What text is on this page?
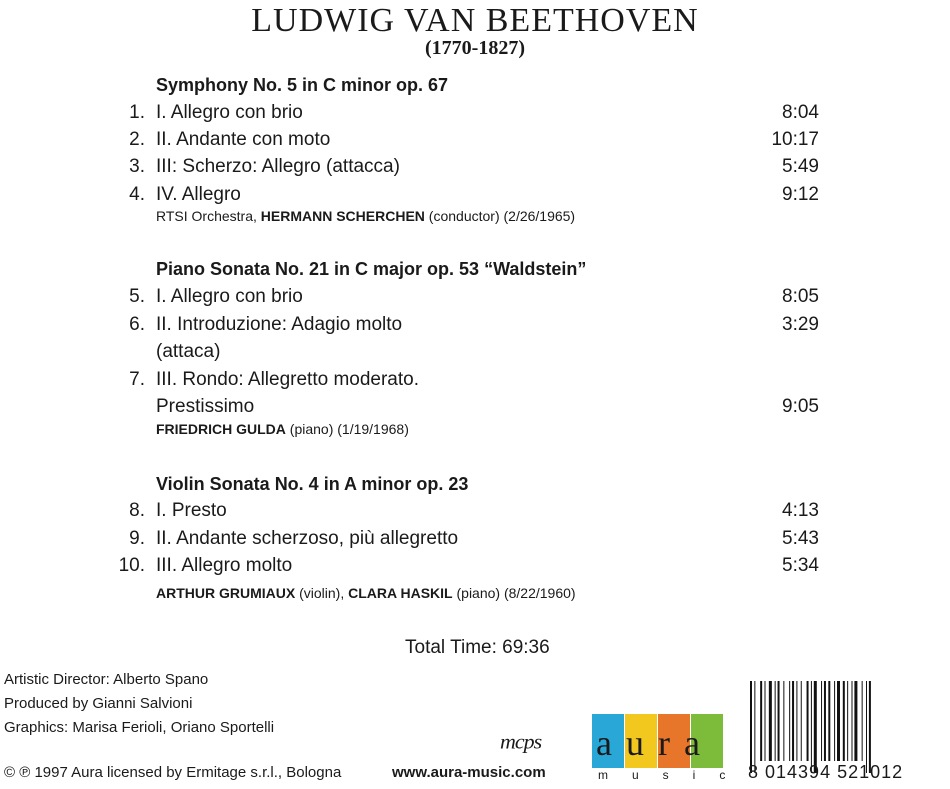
LUDWIG VAN BEETHOVEN
(1770-1827)
Symphony No. 5 in C minor op. 67
1. I. Allegro con brio	8:04
2. II. Andante con moto	10:17
3. III: Scherzo: Allegro (attacca)	5:49
4. IV. Allegro	9:12
RTSI Orchestra, HERMANN SCHERCHEN (conductor) (2/26/1965)
Piano Sonata No. 21 in C major op. 53 “Waldstein”
5. I. Allegro con brio	8:05
6. II. Introduzione: Adagio molto	3:29
(attaca)
7. III. Rondo: Allegretto moderato.
Prestissimo	9:05
FRIEDRICH GULDA (piano) (1/19/1968)
Violin Sonata No. 4 in A minor op. 23
8. I. Presto	4:13
9. II. Andante scherzoso, più allegretto	5:43
10. III. Allegro molto	5:34
ARTHUR GRUMIAUX (violin), CLARA HASKIL (piano) (8/22/1960)
Total Time: 69:36
Artistic Director: Alberto Spano
Produced by Gianni Salvioni
Graphics: Marisa Ferioli, Oriano Sportelli
© ℗ 1997 Aura licensed by Ermitage s.r.l., Bologna	www.aura-music.com
mcps aura
music
8 014394 521012
